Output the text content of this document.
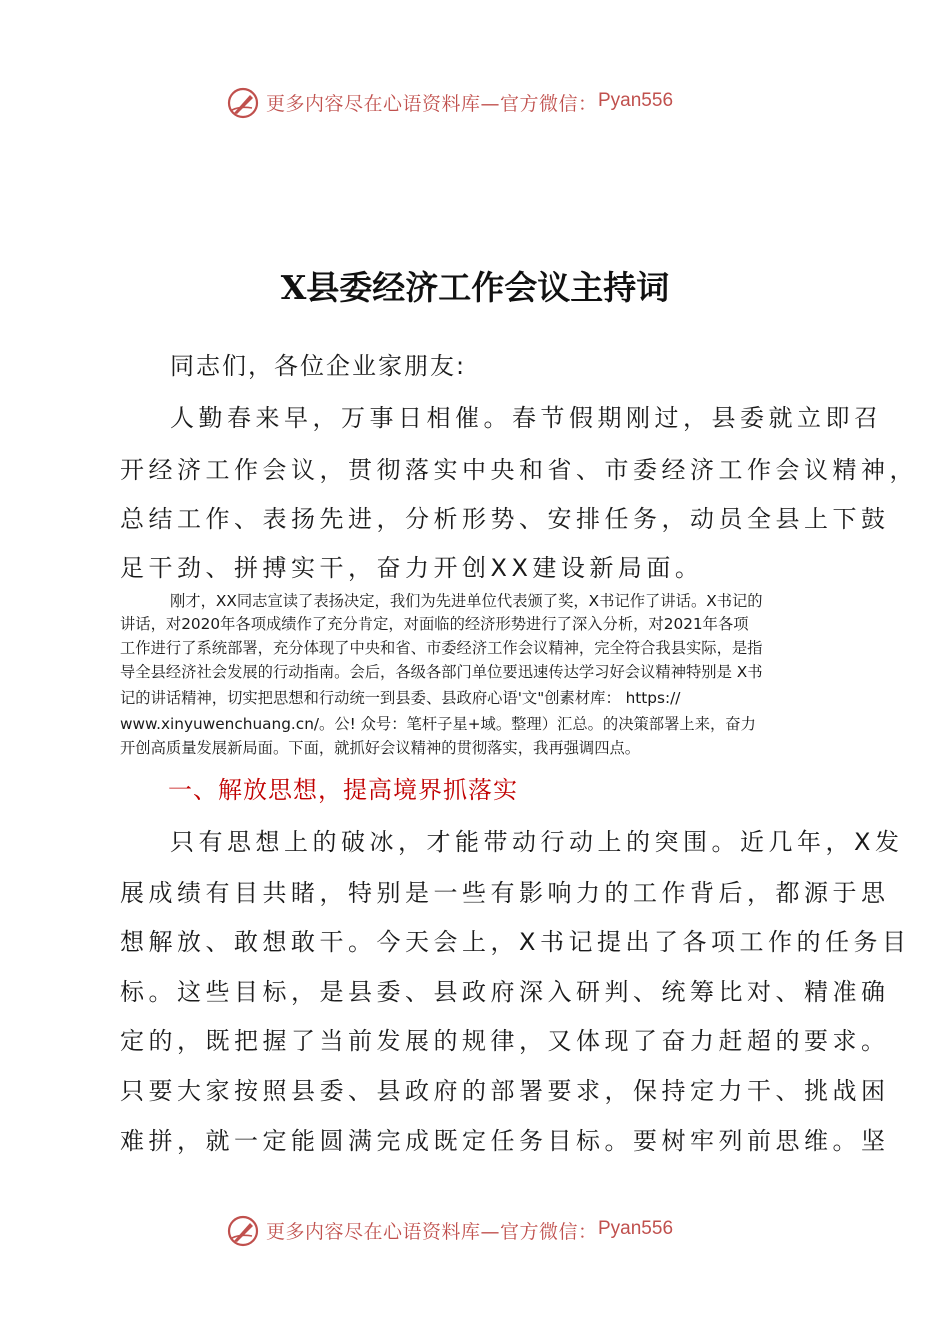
更多内容尽在心语资料库—官方微信： Pyan556
X县委经济工作会议主持词
同志们，各位企业家朋友:
人勤春来早，万事日相催。春节假期刚过，县委就立即召
开经济工作会议，贯彻落实中央和省、市委经济工作会议精神，
总结工作、表扬先进，分析形势、安排任务，动员全县上下鼓
足干劲、拼搏实干，奋力开创XX建设新局面。
刚才，XX同志宣读了表扬决定，我们为先进单位代表颁了奖，X书记作了讲话。X书记的
讲话，对2020年各项成绩作了充分肯定，对面临的经济形势进行了深入分析，对2021年各项
工作进行了系统部署，充分体现了中央和省、市委经济工作会议精神，完全符合我县实际，是指
导全县经济社会发展的行动指南。会后，各级各部门单位要迅速传达学习好会议精神特别是 X书
记的讲话精神，切实把思想和行动统一到县委、县政府心语'文"创素材库： https://
www.xinyuwenchuang.cn/。公! 众号：笔杆子星+域。整理）汇总。的决策部署上来，奋力
开创高质量发展新局面。下面，就抓好会议精神的贯彻落实，我再强调四点。
一、解放思想，提高境界抓落实
只有思想上的破冰，才能带动行动上的突围。近几年，X发
展成绩有目共睹，特别是一些有影响力的工作背后，都源于思
想解放、敢想敢干。今天会上，X书记提出了各项工作的任务目
标。这些目标，是县委、县政府深入研判、统筹比对、精准确
定的，既把握了当前发展的规律，又体现了奋力赶超的要求。
只要大家按照县委、县政府的部署要求，保持定力干、挑战困
难拼，就一定能圆满完成既定任务目标。要树牢列前思维。坚
更多内容尽在心语资料库—官方微信： Pyan556
